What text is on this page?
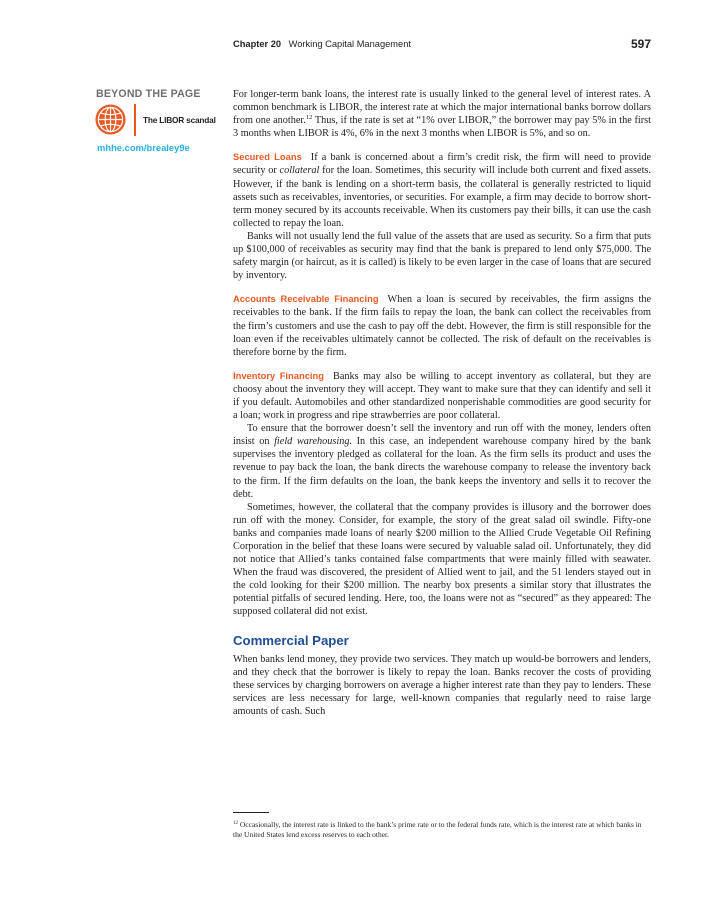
Chapter 20 Working Capital Management	597
BEYOND THE PAGE
The LIBOR scandal
mhhe.com/brealey9e

For longer-term bank loans, the interest rate is usually linked to the general level of interest rates. A common benchmark is LIBOR, the interest rate at which the major international banks borrow dollars from one another.$^{12}$ Thus, if the rate is set at “1% over LIBOR,” the borrower may pay 5% in the first 3 months when LIBOR is 4%, 6% in the next 3 months when LIBOR is 5%, and so on.

Secured Loans If a bank is concerned about a firm’s credit risk, the firm will need to provide security or collateral for the loan. Sometimes, this security will include both current and fixed assets. However, if the bank is lending on a short-term basis, the collateral is generally restricted to liquid assets such as receivables, inventories, or securities. For example, a firm may decide to borrow short-term money secured by its accounts receivable. When its customers pay their bills, it can use the cash collected to repay the loan.

Banks will not usually lend the full value of the assets that are used as security. So a firm that puts up $100,000 of receivables as security may find that the bank is prepared to lend only $75,000. The safety margin (or haircut, as it is called) is likely to be even larger in the case of loans that are secured by inventory.

Accounts Receivable Financing When a loan is secured by receivables, the firm assigns the receivables to the bank. If the firm fails to repay the loan, the bank can collect the receivables from the firm’s customers and use the cash to pay off the debt. However, the firm is still responsible for the loan even if the receivables ultimately cannot be collected. The risk of default on the receivables is therefore borne by the firm.

Inventory Financing Banks may also be willing to accept inventory as collateral, but they are choosy about the inventory they will accept. They want to make sure that they can identify and sell it if you default. Automobiles and other standardized nonperishable commodities are good security for a loan; work in progress and ripe strawberries are poor collateral.

To ensure that the borrower doesn’t sell the inventory and run off with the money, lenders often insist on field warehousing. In this case, an independent warehouse company hired by the bank supervises the inventory pledged as collateral for the loan. As the firm sells its product and uses the revenue to pay back the loan, the bank directs the warehouse company to release the inventory back to the firm. If the firm defaults on the loan, the bank keeps the inventory and sells it to recover the debt.

Sometimes, however, the collateral that the company provides is illusory and the borrower does run off with the money. Consider, for example, the story of the great salad oil swindle. Fifty-one banks and companies made loans of nearly $200 million to the Allied Crude Vegetable Oil Refining Corporation in the belief that these loans were secured by valuable salad oil. Unfortunately, they did not notice that Allied’s tanks contained false compartments that were mainly filled with seawater. When the fraud was discovered, the president of Allied went to jail, and the 51 lenders stayed out in the cold looking for their $200 million. The nearby box presents a similar story that illustrates the potential pitfalls of secured lending. Here, too, the loans were not as “secured” as they appeared: The supposed collateral did not exist.

Commercial Paper

When banks lend money, they provide two services. They match up would-be borrowers and lenders, and they check that the borrower is likely to repay the loan. Banks recover the costs of providing these services by charging borrowers on average a higher interest rate than they pay to lenders. These services are less necessary for large, well-known companies that regularly need to raise large amounts of cash. Such

$^{12}$ Occasionally, the interest rate is linked to the bank’s prime rate or to the federal funds rate, which is the interest rate at which banks in the United States lend excess reserves to each other.
